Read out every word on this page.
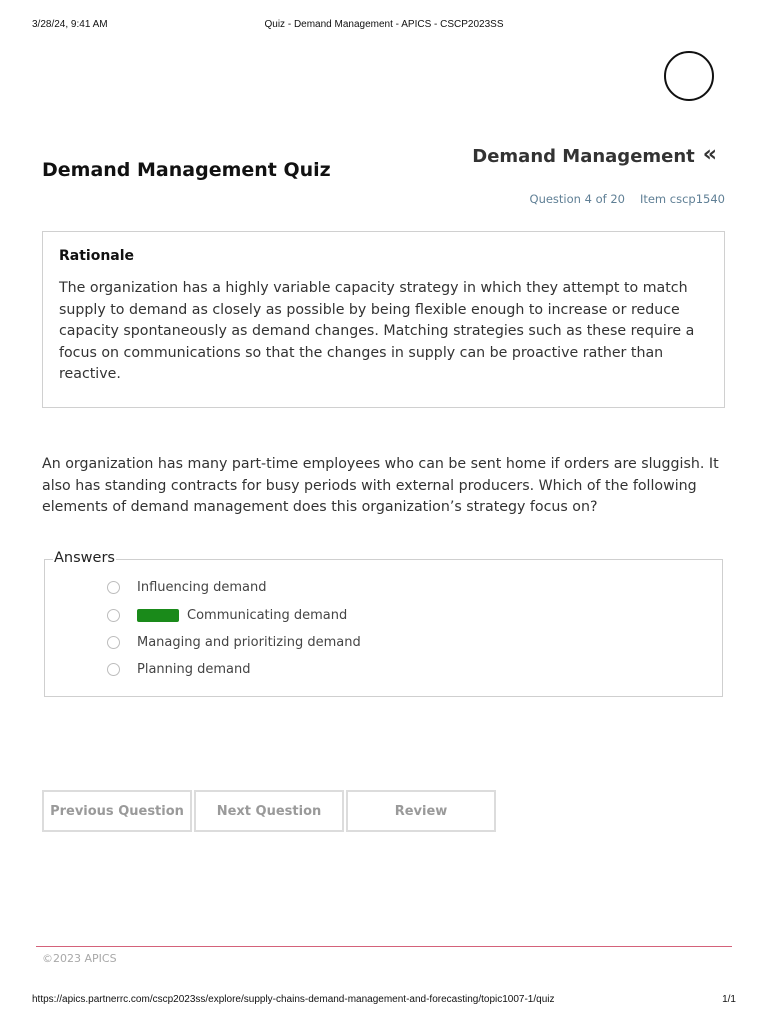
3/28/24, 9:41 AM	Quiz - Demand Management - APICS - CSCP2023SS
Demand Management Quiz
Demand Management «
Question 4 of 20 Item cscp1540
Rationale
The organization has a highly variable capacity strategy in which they attempt to match supply to demand as closely as possible by being flexible enough to increase or reduce capacity spontaneously as demand changes. Matching strategies such as these require a focus on communications so that the changes in supply can be proactive rather than reactive.
An organization has many part-time employees who can be sent home if orders are sluggish. It also has standing contracts for busy periods with external producers. Which of the following elements of demand management does this organization’s strategy focus on?
Answers
Influencing demand
Communicating demand
Managing and prioritizing demand
Planning demand
Previous Question	Next Question	Review
©2023 APICS
https://apics.partnerrc.com/cscp2023ss/explore/supply-chains-demand-management-and-forecasting/topic1007-1/quiz	1/1
